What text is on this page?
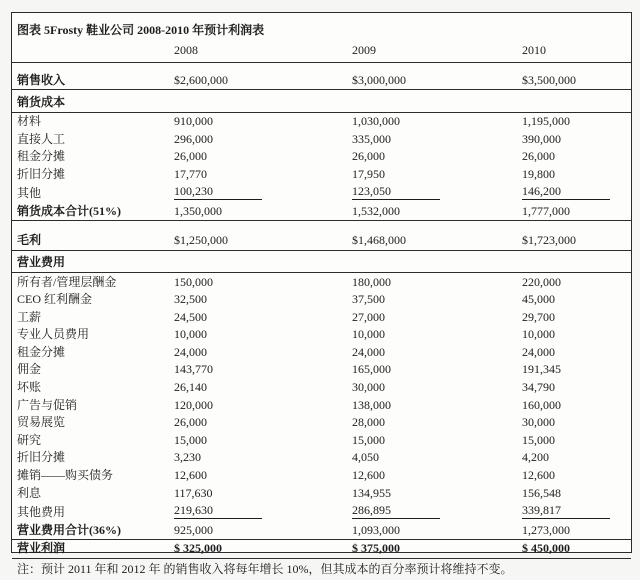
图表 5Frosty 鞋业公司 2008-2010 年预计利润表
2008	2009	2010
销售收入	$2,600,000	$3,000,000	$3,500,000
销货成本
材料	910,000	1,030,000	1,195,000
直接人工	296,000	335,000	390,000
租金分摊	26,000	26,000	26,000
折旧分摊	17,770	17,950	19,800
其他	100,230	123,050	146,200
销货成本合计(51%)	1,350,000	1,532,000	1,777,000
毛利	$1,250,000	$1,468,000	$1,723,000
营业费用
所有者/管理层酬金	150,000	180,000	220,000
CEO 红利酬金	32,500	37,500	45,000
工薪	24,500	27,000	29,700
专业人员费用	10,000	10,000	10,000
租金分摊	24,000	24,000	24,000
佣金	143,770	165,000	191,345
坏账	26,140	30,000	34,790
广告与促销	120,000	138,000	160,000
贸易展览	26,000	28,000	30,000
研究	15,000	15,000	15,000
折旧分摊	3,230	4,050	4,200
摊销——购买债务	12,600	12,600	12,600
利息	117,630	134,955	156,548
其他费用	219,630	286,895	339,817
营业费用合计(36%)	925,000	1,093,000	1,273,000
营业利润	$ 325,000	$ 375,000	$ 450,000
注：预计 2011 年和 2012 年 的销售收入将每年增长 10%，但其成本的百分率预计将维持不变。
